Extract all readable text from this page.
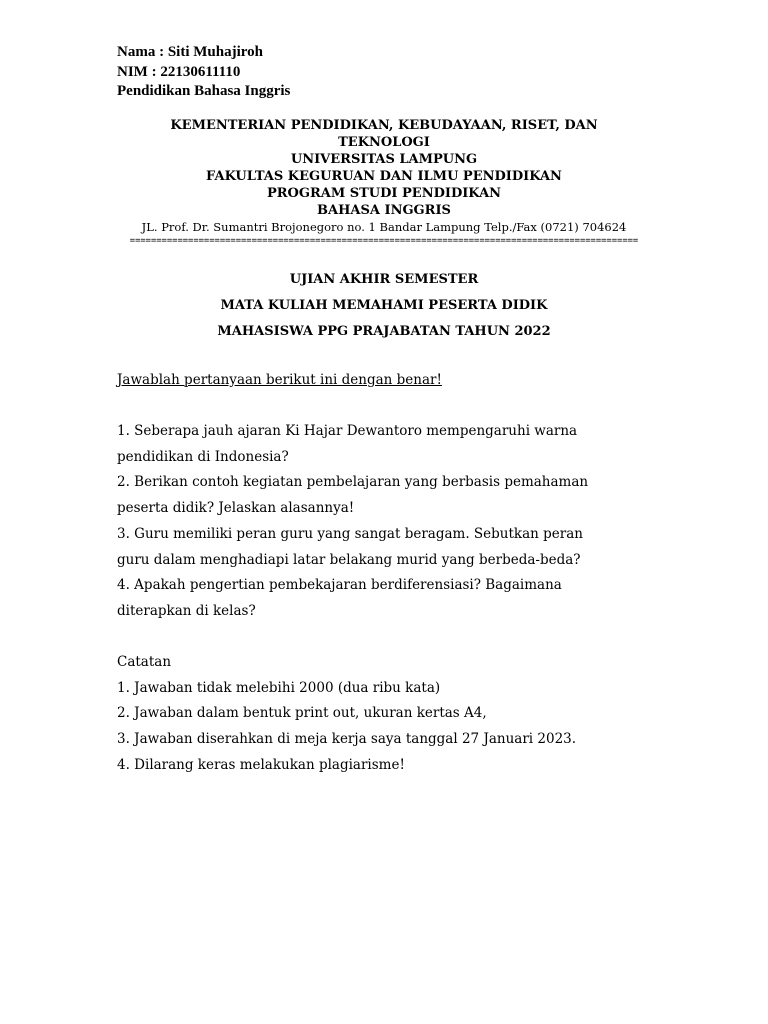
Nama : Siti Muhajiroh
NIM : 22130611110
Pendidikan Bahasa Inggris
KEMENTERIAN PENDIDIKAN, KEBUDAYAAN, RISET, DAN
TEKNOLOGI
UNIVERSITAS LAMPUNG
FAKULTAS KEGURUAN DAN ILMU PENDIDIKAN
PROGRAM STUDI PENDIDIKAN
BAHASA INGGRIS
JL. Prof. Dr. Sumantri Brojonegoro no. 1 Bandar Lampung Telp./Fax (0721) 704624
================================================================================================
UJIAN AKHIR SEMESTER
MATA KULIAH MEMAHAMI PESERTA DIDIK
MAHASISWA PPG PRAJABATAN TAHUN 2022
Jawablah pertanyaan berikut ini dengan benar!
1. Seberapa jauh ajaran Ki Hajar Dewantoro mempengaruhi warna
pendidikan di Indonesia?
2. Berikan contoh kegiatan pembelajaran yang berbasis pemahaman
peserta didik? Jelaskan alasannya!
3. Guru memiliki peran guru yang sangat beragam. Sebutkan peran
guru dalam menghadiapi latar belakang murid yang berbeda-beda?
4. Apakah pengertian pembekajaran berdiferensiasi? Bagaimana
diterapkan di kelas?
Catatan
1. Jawaban tidak melebihi 2000 (dua ribu kata)
2. Jawaban dalam bentuk print out, ukuran kertas A4,
3. Jawaban diserahkan di meja kerja saya tanggal 27 Januari 2023.
4. Dilarang keras melakukan plagiarisme!
